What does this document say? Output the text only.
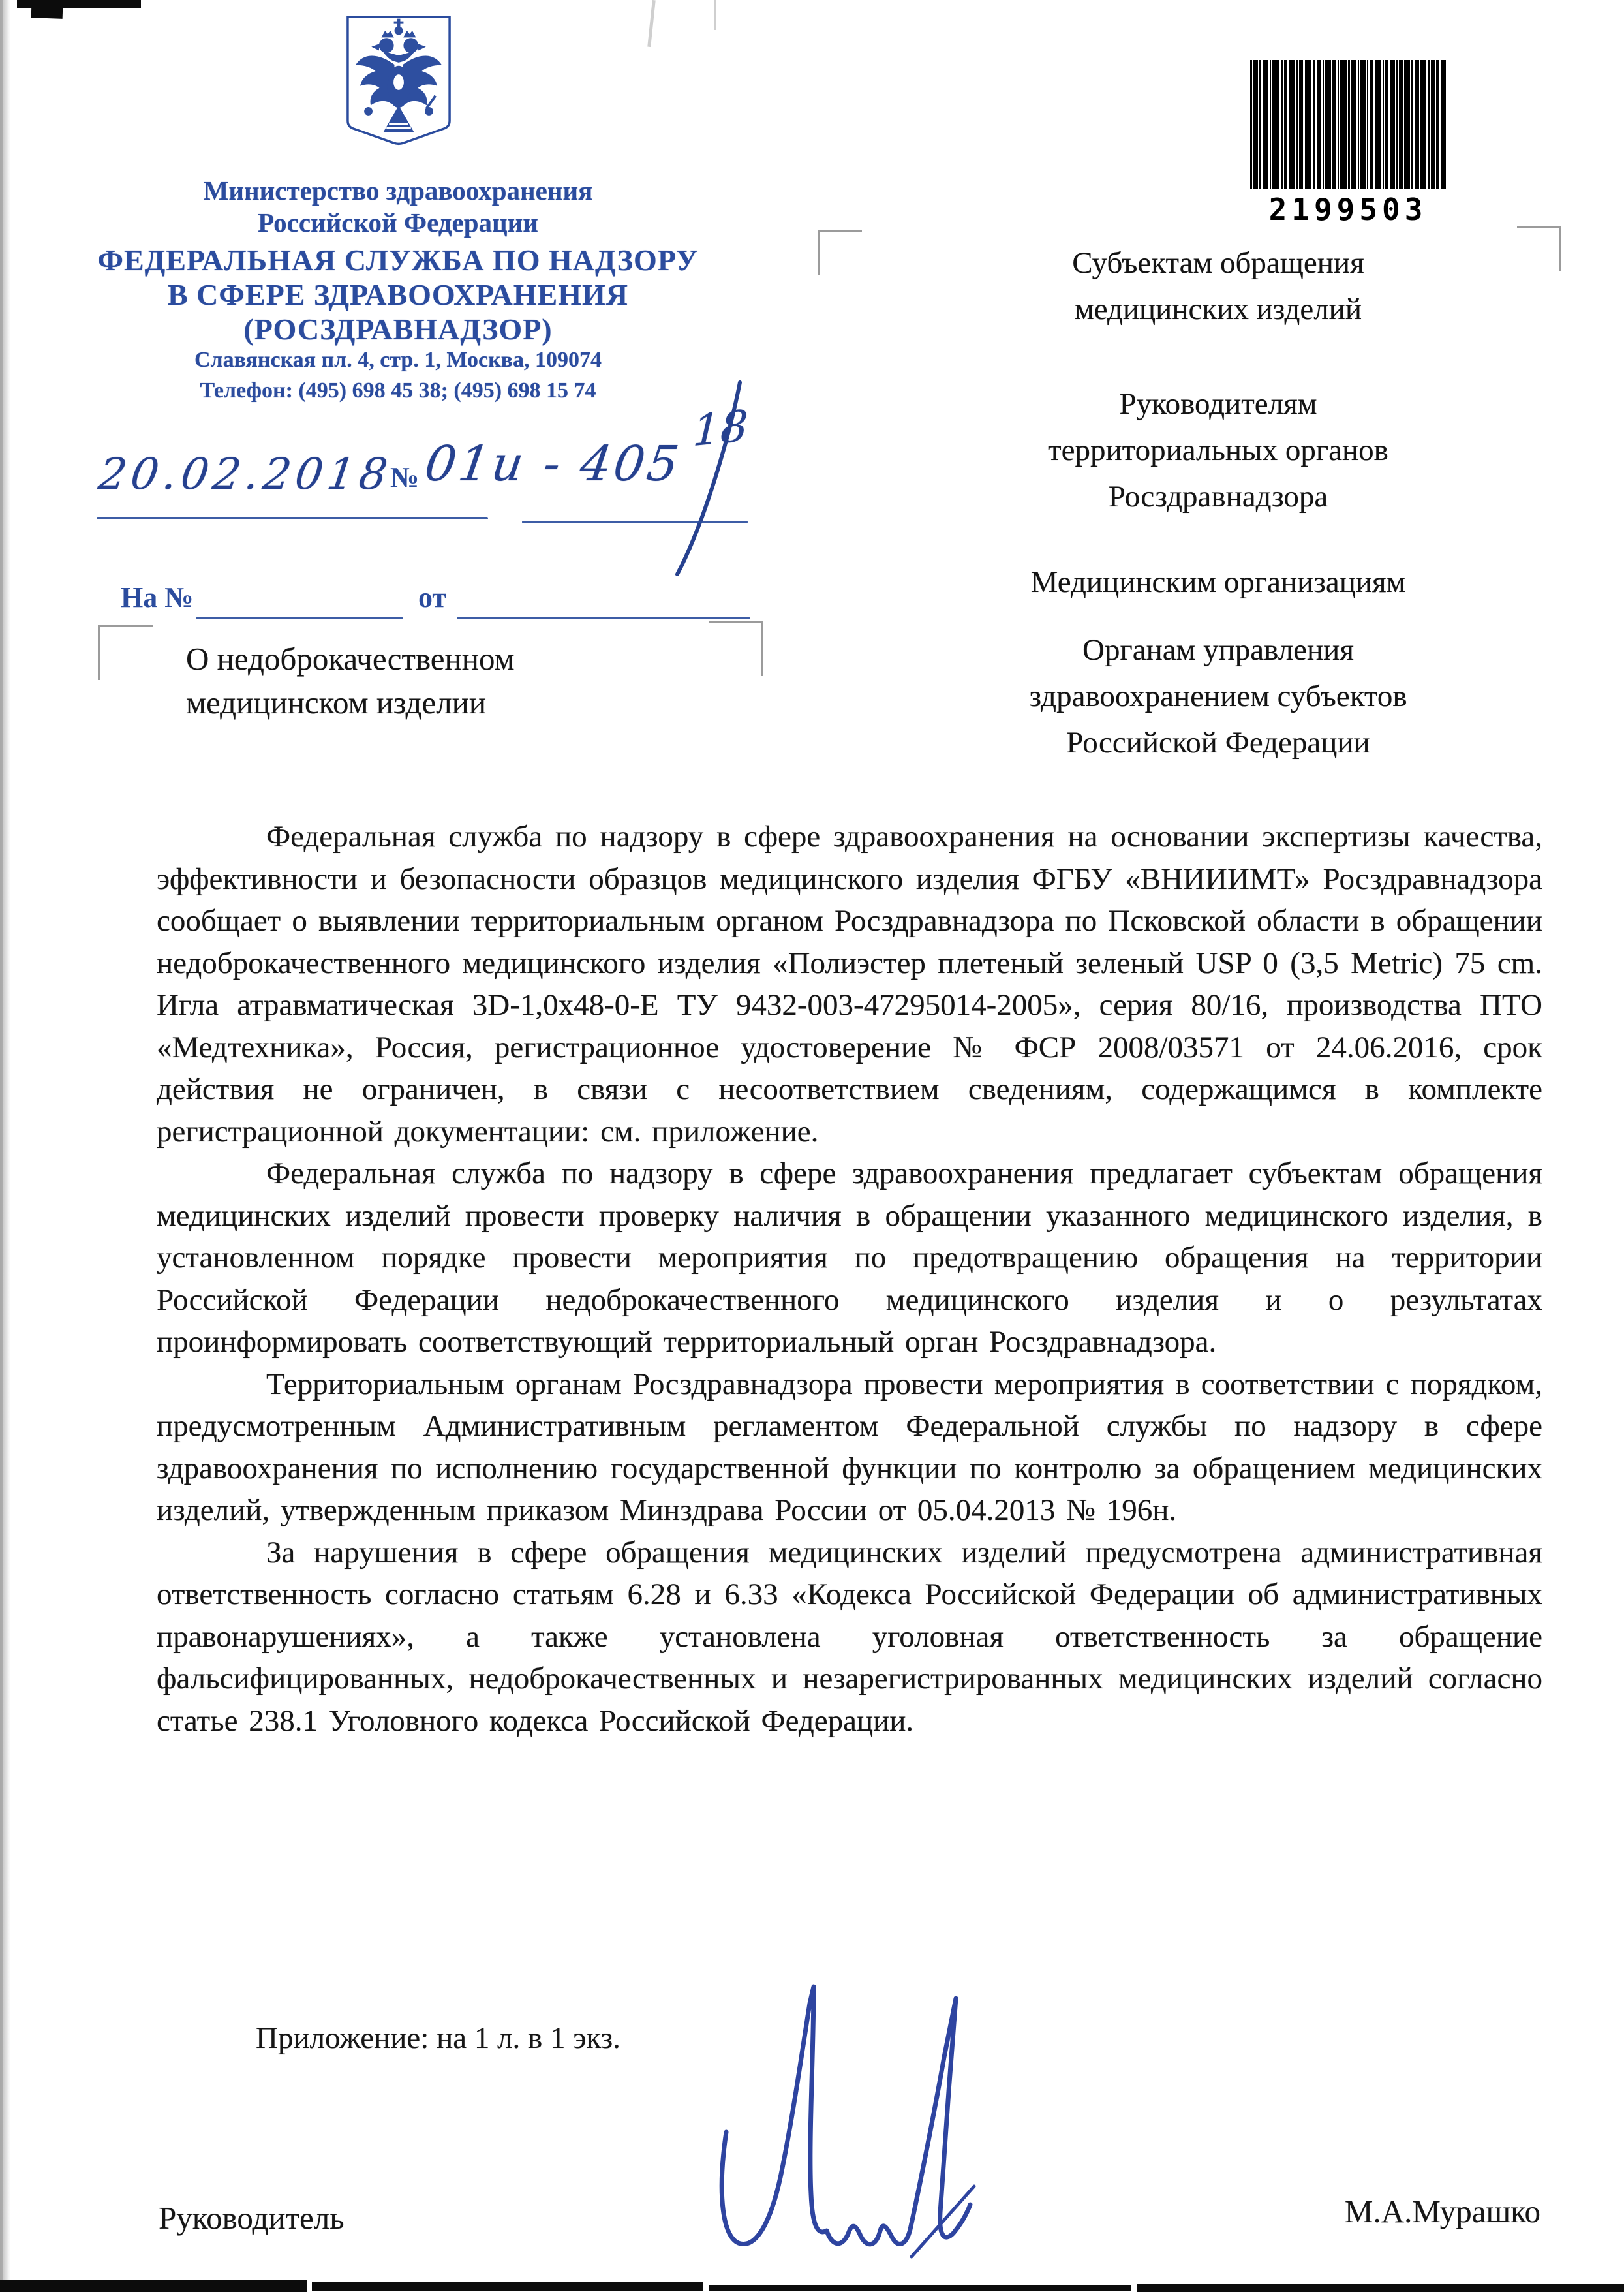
Министерство здравоохранения
Российской Федерации
ФЕДЕРАЛЬНАЯ СЛУЖБА ПО НАДЗОРУ
В СФЕРЕ ЗДРАВООХРАНЕНИЯ
(РОСЗДРАВНАДЗОР)
Славянская пл. 4, стр. 1, Москва, 109074
Телефон: (495) 698 45 38; (495) 698 15 74
2199503
20.02.2018
№ 01и - 405
18
На №	от
Субъектам обращения
медицинских изделий
Руководителям
территориальных органов
Росздравнадзора
Медицинским организациям
Органам управления
здравоохранением субъектов
Российской Федерации
О недоброкачественном
медицинском изделии

Федеральная служба по надзору в сфере здравоохранения на основании экспертизы качества, эффективности и безопасности образцов медицинского изделия ФГБУ «ВНИИИМТ» Росздравнадзора сообщает о выявлении территориальным органом Росздравнадзора по Псковской области в обращении недоброкачественного медицинского изделия «Полиэстер плетеный зеленый USP 0 (3,5 Metric) 75 cm. Игла атравматическая 3D-1,0x48-0-E ТУ 9432-003-47295014-2005», серия 80/16, производства ПТО «Медтехника», Россия, регистрационное удостоверение № ФСР 2008/03571 от 24.06.2016, срок действия не ограничен, в связи с несоответствием сведениям, содержащимся в комплекте регистрационной документации: см. приложение.

Федеральная служба по надзору в сфере здравоохранения предлагает субъектам обращения медицинских изделий провести проверку наличия в обращении указанного медицинского изделия, в установленном порядке провести мероприятия по предотвращению обращения на территории Российской Федерации недоброкачественного медицинского изделия и о результатах проинформировать соответствующий территориальный орган Росздравнадзора.

Территориальным органам Росздравнадзора провести мероприятия в соответствии с порядком, предусмотренным Административным регламентом Федеральной службы по надзору в сфере здравоохранения по исполнению государственной функции по контролю за обращением медицинских изделий, утвержденным приказом Минздрава России от 05.04.2013 № 196н.

За нарушения в сфере обращения медицинских изделий предусмотрена административная ответственность согласно статьям 6.28 и 6.33 «Кодекса Российской Федерации об административных правонарушениях», а также установлена уголовная ответственность за обращение фальсифицированных, недоброкачественных и незарегистрированных медицинских изделий согласно статье 238.1 Уголовного кодекса Российской Федерации.

Приложение: на 1 л. в 1 экз.
Руководитель	М.А.Мурашко
